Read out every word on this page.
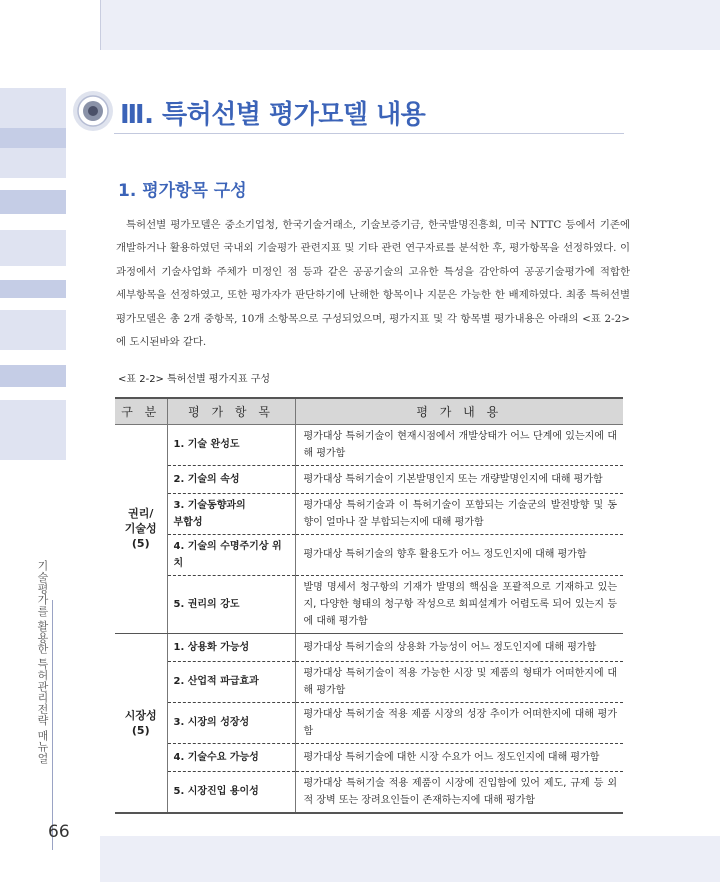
기술평가를 활용한 특허관리전략 매뉴얼
66
Ⅲ. 특허선별 평가모델 내용
1. 평가항목 구성

특허선별 평가모델은 중소기업청, 한국기술거래소, 기술보증기금, 한국발명진흥회, 미국 NTTC 등에서 기존에 개발하거나 활용하였던 국내외 기술평가 관련지표 및 기타 관련 연구자료를 분석한 후, 평가항목을 선정하였다. 이 과정에서 기술사업화 주체가 미정인 점 등과 같은 공공기술의 고유한 특성을 감안하여 공공기술평가에 적합한 세부항목을 선정하였고, 또한 평가자가 판단하기에 난해한 항목이나 지문은 가능한 한 배제하였다. 최종 특허선별 평가모델은 총 2개 중항목, 10개 소항목으로 구성되었으며, 평가지표 및 각 항목별 평가내용은 아래의 <표 2-2>에 도시된바와 같다.

<표 2-2> 특허선별 평가지표 구성
구 분	평 가 항 목	평 가 내 용
권리/
기술성
(5)	1. 기술 완성도	평가대상 특허기술이 현재시점에서 개발상태가 어느 단계에 있는지에 대해 평가함
	2. 기술의 속성	평가대상 특허기술이 기본발명인지 또는 개량발명인지에 대해 평가함
	3. 기술동향과의
부합성	평가대상 특허기술과 이 특허기술이 포함되는 기술군의 발전방향 및 동향이 얼마나 잘 부합되는지에 대해 평가함
	4. 기술의 수명주기상 위치	평가대상 특허기술의 향후 활용도가 어느 정도인지에 대해 평가함
	5. 권리의 강도	발명 명세서 청구항의 기재가 발명의 핵심을 포괄적으로 기재하고 있는지, 다양한 형태의 청구항 작성으로 회피설계가 어렵도록 되어 있는지 등에 대해 평가함
시장성
(5)	1. 상용화 가능성	평가대상 특허기술의 상용화 가능성이 어느 정도인지에 대해 평가함
	2. 산업적 파급효과	평가대상 특허기술이 적용 가능한 시장 및 제품의 형태가 어떠한지에 대해 평가함
	3. 시장의 성장성	평가대상 특허기술 적용 제품 시장의 성장 추이가 어떠한지에 대해 평가함
	4. 기술수요 가능성	평가대상 특허기술에 대한 시장 수요가 어느 정도인지에 대해 평가함
	5. 시장진입 용이성	평가대상 특허기술 적용 제품이 시장에 진입함에 있어 제도, 규제 등 외적 장벽 또는 장려요인들이 존재하는지에 대해 평가함
